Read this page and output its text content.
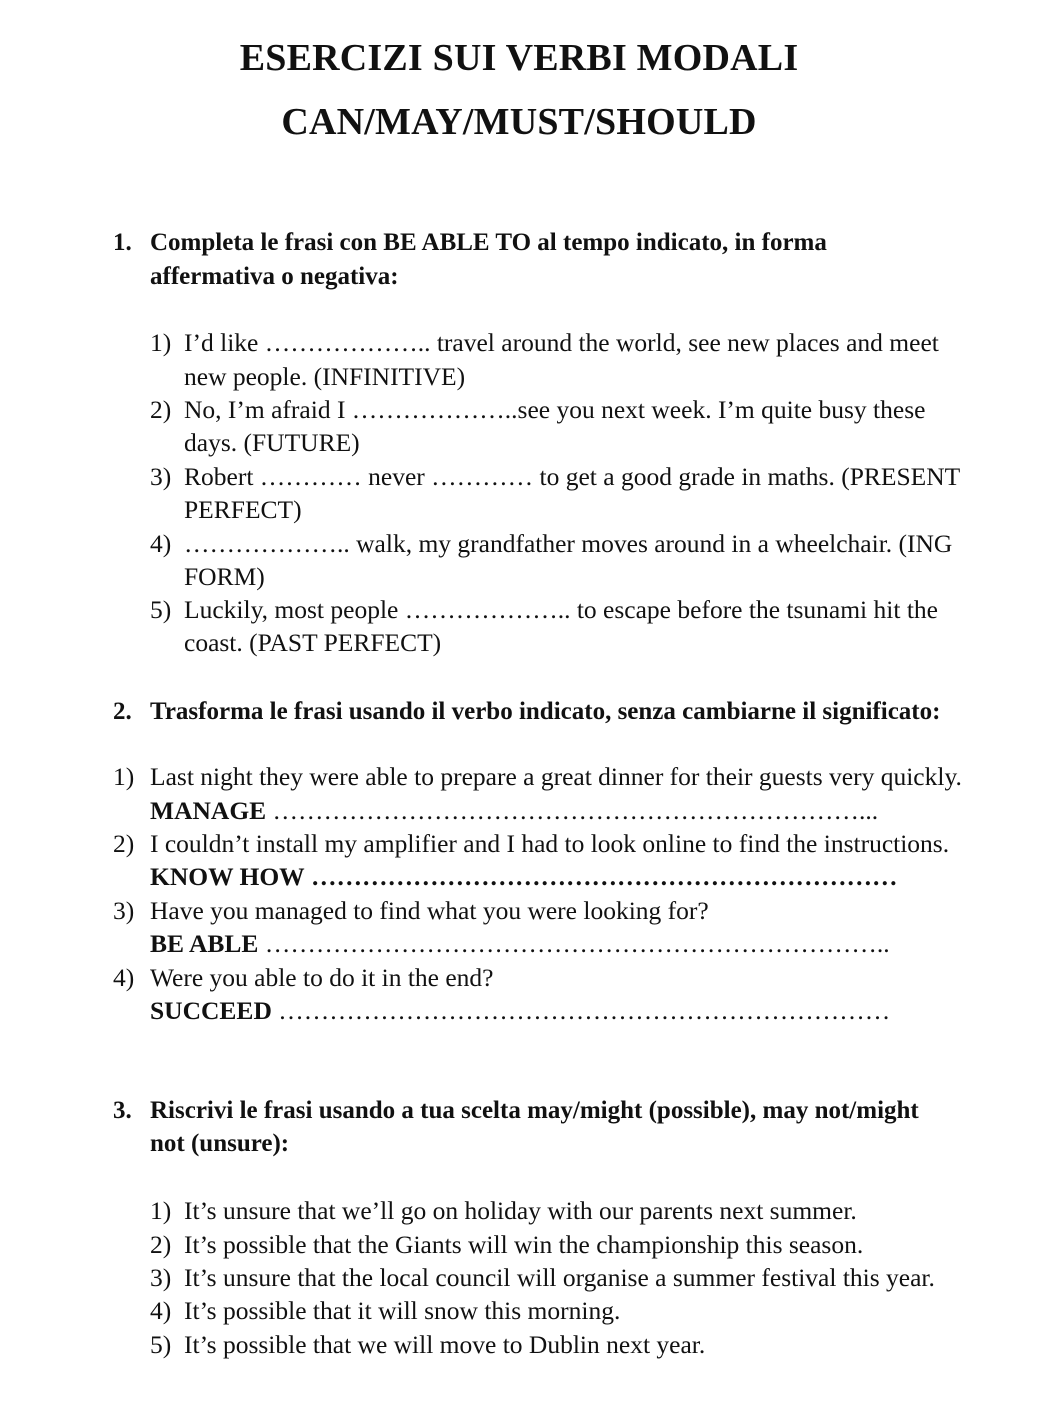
ESERCIZI SUI VERBI MODALI
CAN/MAY/MUST/SHOULD
1. Completa le frasi con BE ABLE TO al tempo indicato, in forma
affermativa o negativa:
1) I’d like ……………….. travel around the world, see new places and meet
new people. (INFINITIVE)
2) No, I’m afraid I ………………..see you next week. I’m quite busy these
days. (FUTURE)
3) Robert ………… never ………… to get a good grade in maths. (PRESENT
PERFECT)
4) ……………….. walk, my grandfather moves around in a wheelchair. (ING
FORM)
5) Luckily, most people ……………….. to escape before the tsunami hit the
coast. (PAST PERFECT)
2. Trasforma le frasi usando il verbo indicato, senza cambiarne il significato:
1) Last night they were able to prepare a great dinner for their guests very quickly.
MANAGE ……………………………………………………………...
2) I couldn’t install my amplifier and I had to look online to find the instructions.
KNOW HOW ……………………………………………………………
3) Have you managed to find what you were looking for?
BE ABLE ………………………………………………………………..
4) Were you able to do it in the end?
SUCCEED ………………………………………………………………
3. Riscrivi le frasi usando a tua scelta may/might (possible), may not/might
not (unsure):
1) It’s unsure that we’ll go on holiday with our parents next summer.
2) It’s possible that the Giants will win the championship this season.
3) It’s unsure that the local council will organise a summer festival this year.
4) It’s possible that it will snow this morning.
5) It’s possible that we will move to Dublin next year.
